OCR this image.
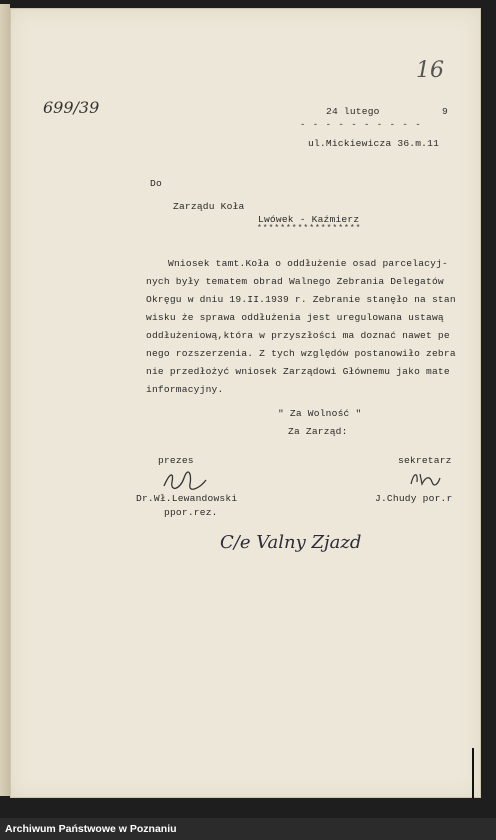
16
699/39	24 lutego	9
- - - - - - - - - -
ul.Mickiewicza 36.m.11
Do
Zarządu Koła
Lwówek - Kaźmierz
******************
Wniosek tamt.Koła o oddłużenie osad parcelacyj-
nych były tematem obrad Walnego Zebrania Delegatów
Okręgu w dniu 19.II.1939 r. Zebranie stanęło na stan
wisku że sprawa oddłużenia jest uregulowana ustawą
oddłużeniową,która w przyszłości ma doznać nawet pe
nego rozszerzenia. Z tych względów postanowiło zebra
nie przedłożyć wniosek Zarządowi Głównemu jako mate
informacyjny.
" Za Wolność "
Za Zarząd:
prezes	sekretarz
Dr.Wł.Lewandowski	J.Chudy por.r
ppor.rez.
C/e Valny Zjazd
Archiwum Państwowe w Poznaniu
